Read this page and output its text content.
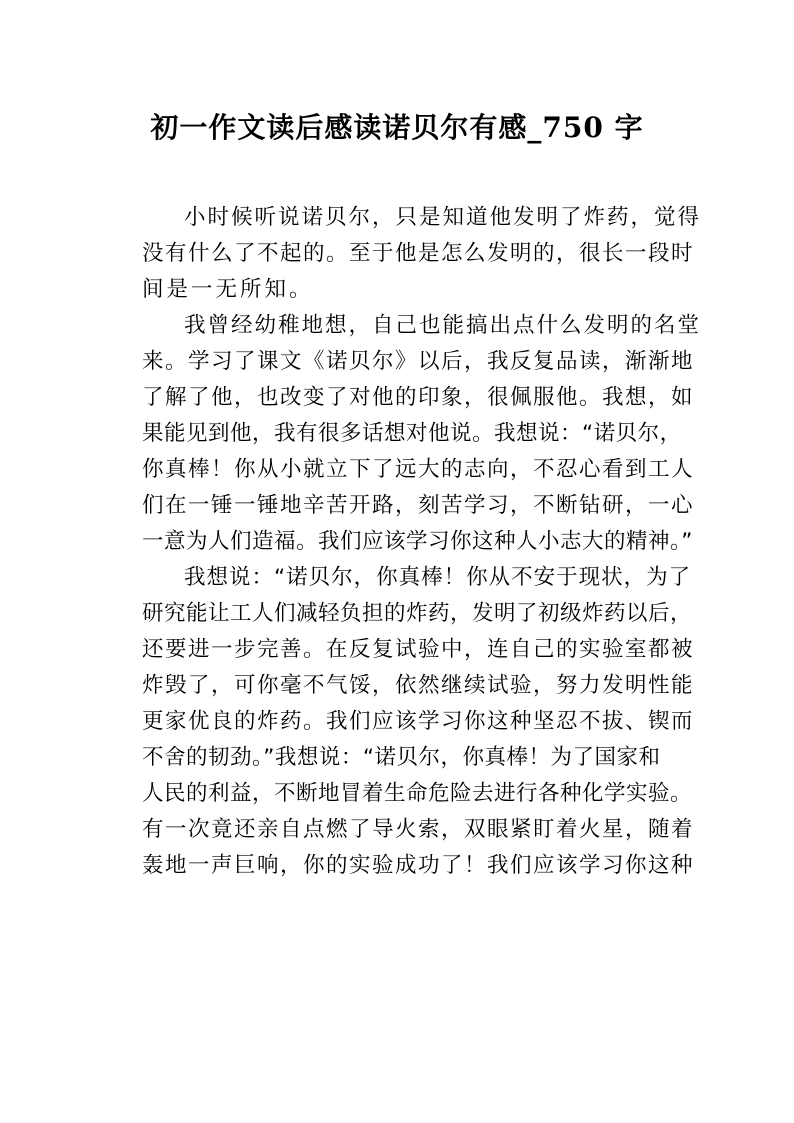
初一作文读后感读诺贝尔有感_750 字
小时候听说诺贝尔，只是知道他发明了炸药，觉得
没有什么了不起的。至于他是怎么发明的，很长一段时
间是一无所知。
我曾经幼稚地想，自己也能搞出点什么发明的名堂
来。学习了课文《诺贝尔》以后，我反复品读，渐渐地
了解了他，也改变了对他的印象，很佩服他。我想，如
果能见到他，我有很多话想对他说。我想说：“诺贝尔，
你真棒！你从小就立下了远大的志向，不忍心看到工人
们在一锤一锤地辛苦开路，刻苦学习，不断钻研，一心
一意为人们造福。我们应该学习你这种人小志大的精神。”
我想说：“诺贝尔，你真棒！你从不安于现状，为了
研究能让工人们减轻负担的炸药，发明了初级炸药以后，
还要进一步完善。在反复试验中，连自己的实验室都被
炸毁了，可你毫不气馁，依然继续试验，努力发明性能
更家优良的炸药。我们应该学习你这种坚忍不拔、锲而
不舍的韧劲。”我想说：“诺贝尔，你真棒！为了国家和
人民的利益，不断地冒着生命危险去进行各种化学实验。
有一次竟还亲自点燃了导火索，双眼紧盯着火星，随着
轰地一声巨响，你的实验成功了！我们应该学习你这种
